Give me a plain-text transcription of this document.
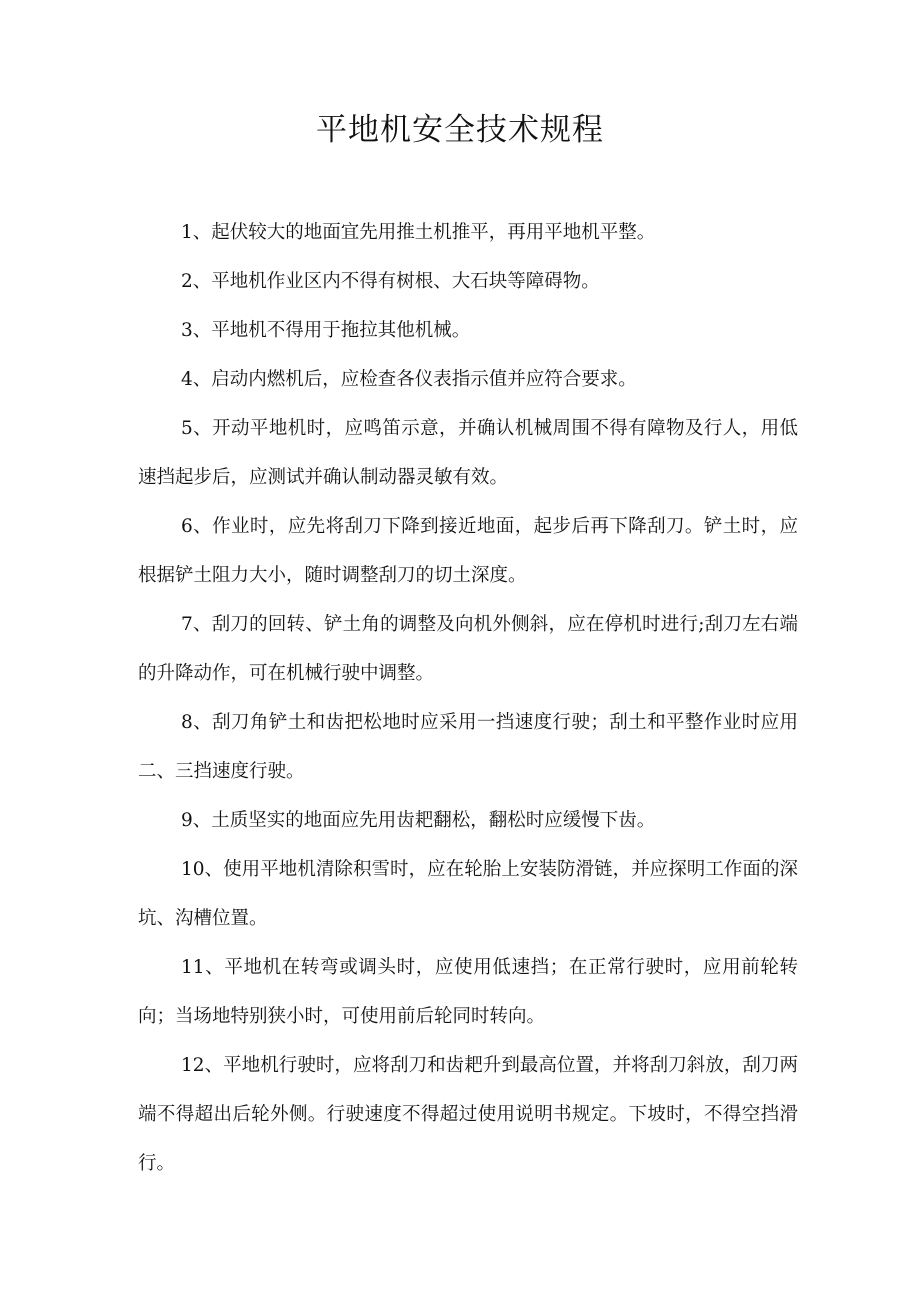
平地机安全技术规程

1、起伏较大的地面宜先用推土机推平，再用平地机平整。

2、平地机作业区内不得有树根、大石块等障碍物。

3、平地机不得用于拖拉其他机械。

4、启动内燃机后，应检查各仪表指示值并应符合要求。

5、开动平地机时，应鸣笛示意，并确认机械周围不得有障物及行人，用低速挡起步后，应测试并确认制动器灵敏有效。

6、作业时，应先将刮刀下降到接近地面，起步后再下降刮刀。铲土时，应根据铲土阻力大小，随时调整刮刀的切土深度。

7、刮刀的回转、铲土角的调整及向机外侧斜，应在停机时进行;刮刀左右端的升降动作，可在机械行驶中调整。

8、刮刀角铲土和齿把松地时应采用一挡速度行驶；刮土和平整作业时应用二、三挡速度行驶。

9、土质坚实的地面应先用齿耙翻松，翻松时应缓慢下齿。

10、使用平地机清除积雪时，应在轮胎上安装防滑链，并应探明工作面的深坑、沟槽位置。

11、平地机在转弯或调头时，应使用低速挡；在正常行驶时，应用前轮转向；当场地特别狭小时，可使用前后轮同时转向。

12、平地机行驶时，应将刮刀和齿耙升到最高位置，并将刮刀斜放，刮刀两端不得超出后轮外侧。行驶速度不得超过使用说明书规定。下坡时，不得空挡滑行。
